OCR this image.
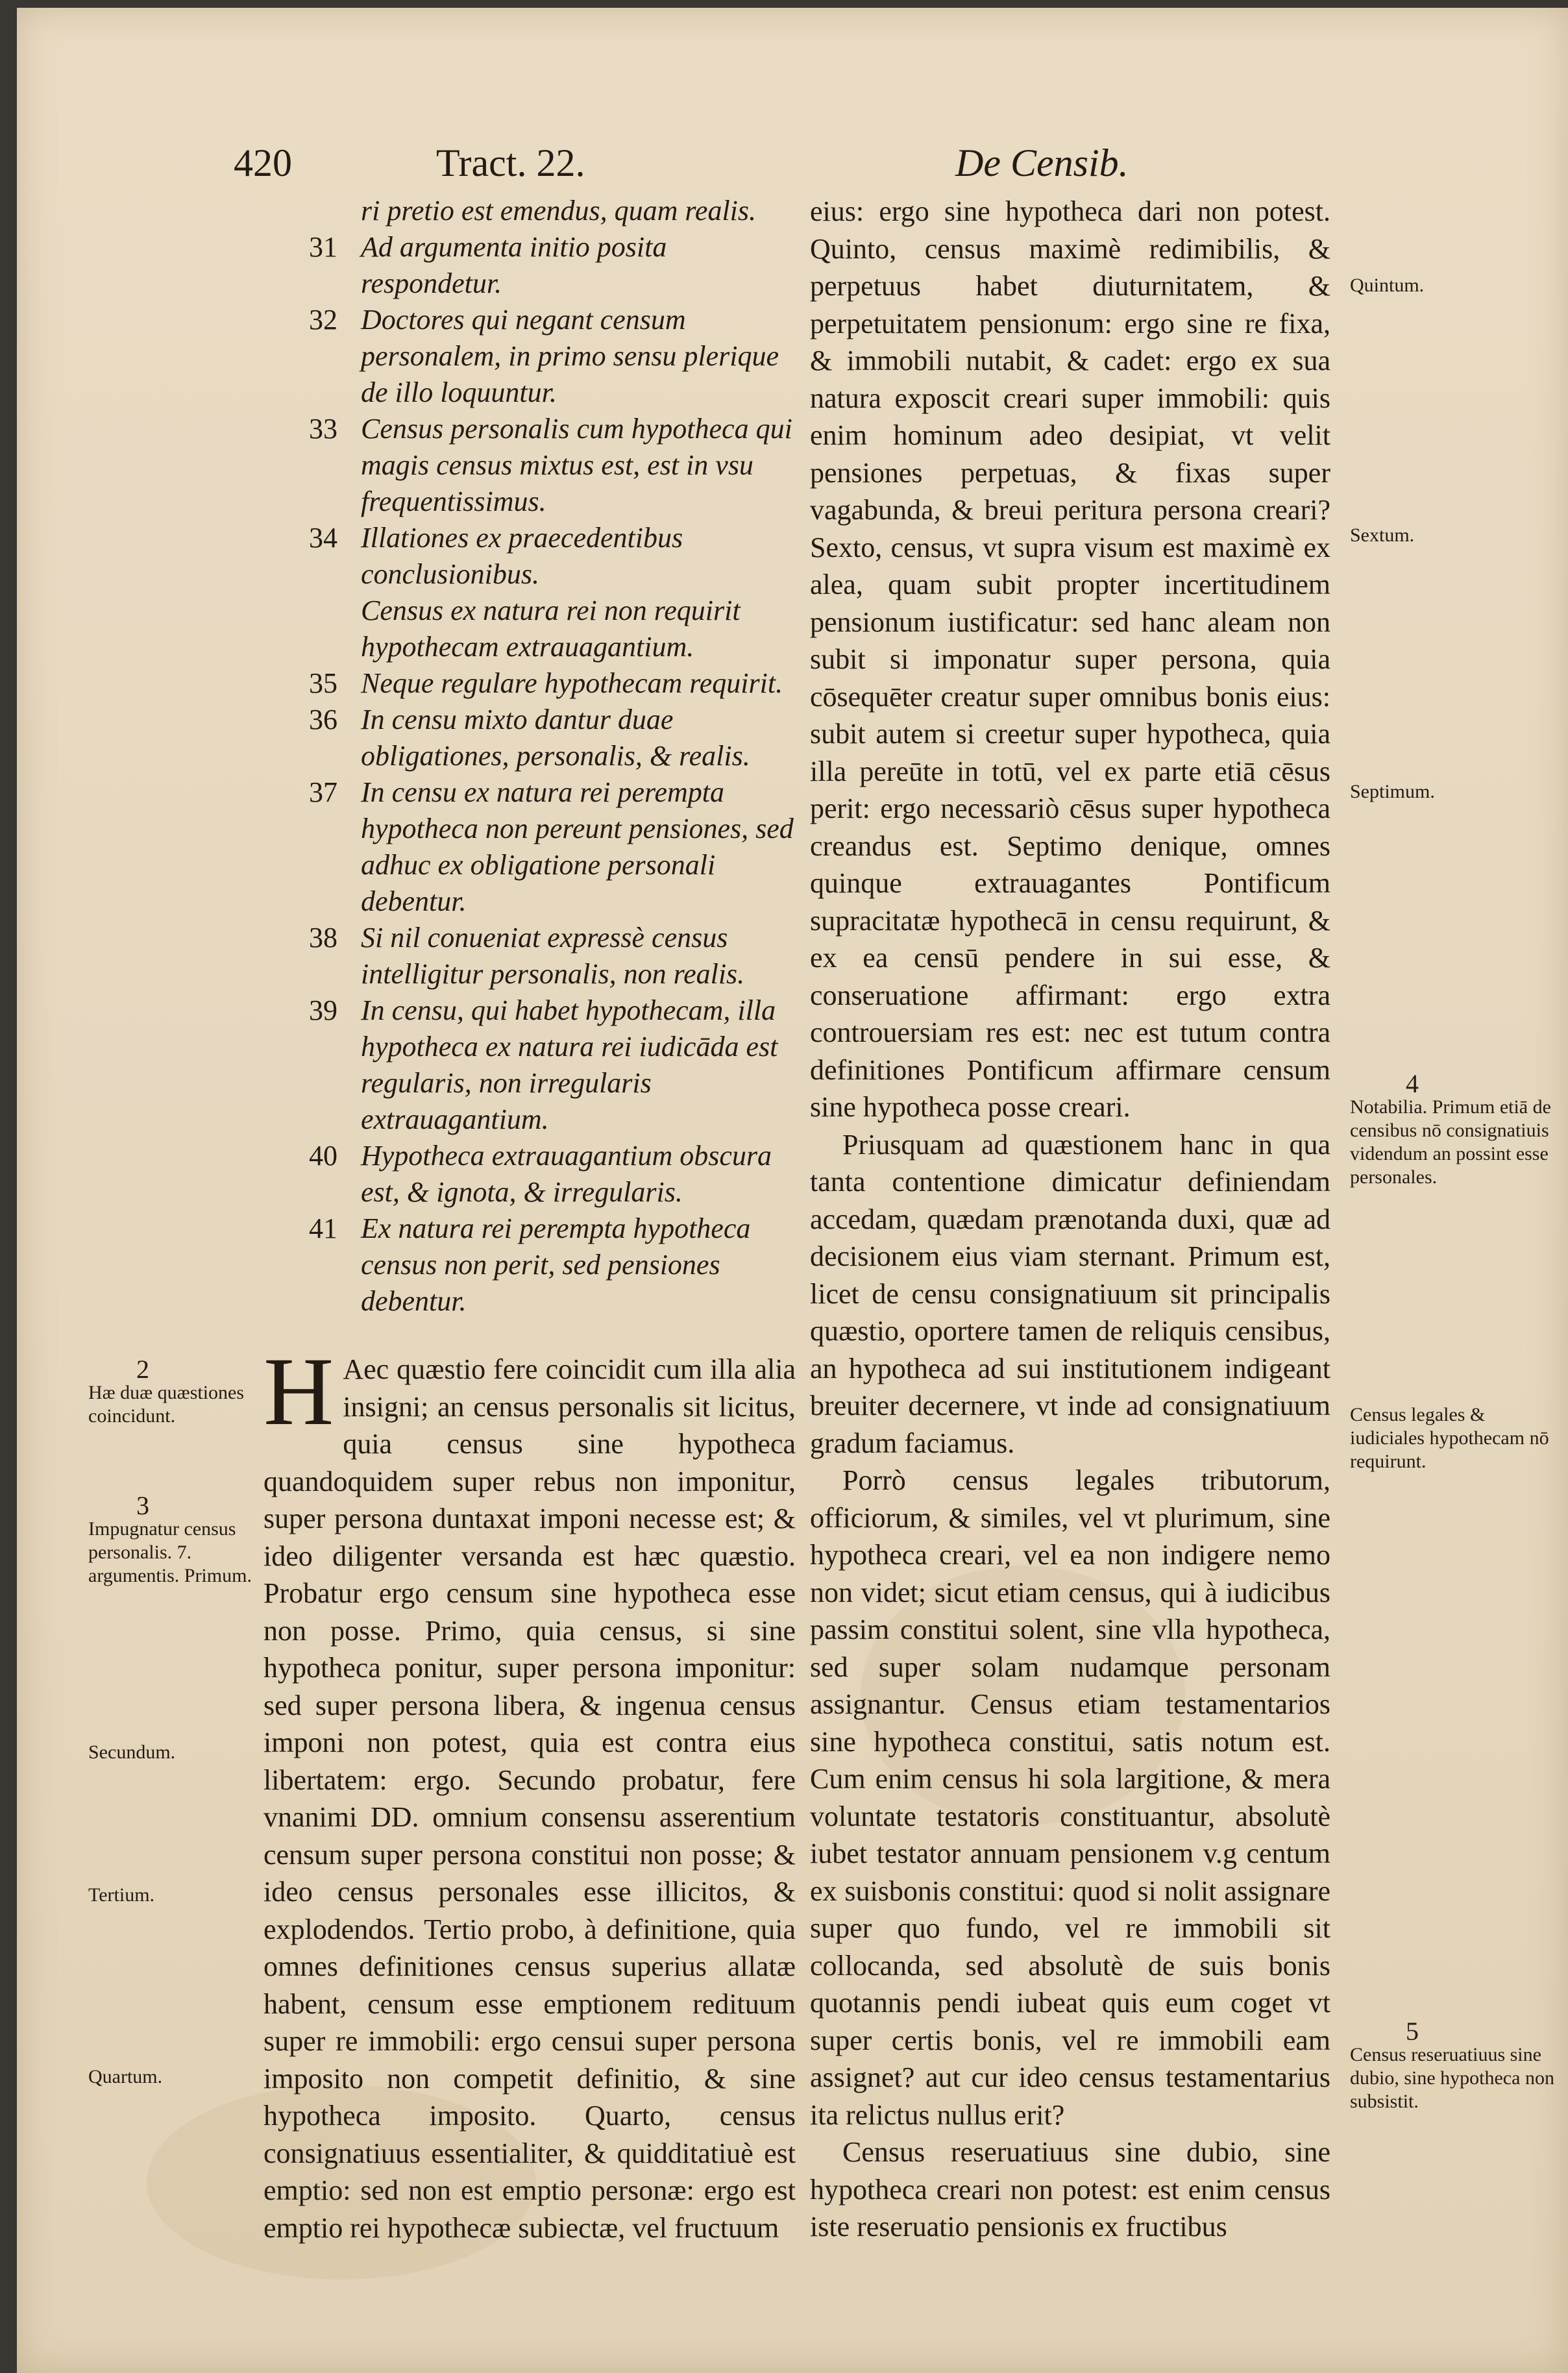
420	Tract. 22.	De Censib.
ri pretio est emendus, quam realis.
31 Ad argumenta initio posita respondetur.
32 Doctores qui negant censum personalem, in primo sensu plerique de illo loquuntur.
33 Census personalis cum hypotheca qui magis census mixtus est, est in vsu frequentissimus.
34 Illationes ex praecedentibus conclusionibus.
Census ex natura rei non requirit hypothecam extrauagantium.
35 Neque regulare hypothecam requirit.
36 In censu mixto dantur duae obligationes, personalis, & realis.
37 In censu ex natura rei perempta hypotheca non pereunt pensiones, sed adhuc ex obligatione personali debentur.
38 Si nil conueniat expressè census intelligitur personalis, non realis.
39 In censu, qui habet hypothecam, illa hypotheca ex natura rei iudicāda est regularis, non irregularis extrauagantium.
40 Hypotheca extrauagantium obscura est, & ignota, & irregularis.
41 Ex natura rei perempta hypotheca census non perit, sed pensiones debentur.

H Aec quæstio fere coincidit cum illa alia insigni; an census personalis sit licitus, quia census sine hypotheca quandoquidem super rebus non imponitur, super persona duntaxat imponi necesse est; & ideo diligenter versanda est hæc quæstio. Probatur ergo censum sine hypotheca esse non posse. Primo, quia census, si sine hypotheca ponitur, super persona imponitur: sed super persona libera, & ingenua census imponi non potest, quia est contra eius libertatem: ergo. Secundo probatur, fere vnanimi DD. omnium consensu asserentium censum super persona constitui non posse; & ideo census personales esse illicitos, & explodendos. Tertio probo, à definitione, quia omnes definitiones census superius allatæ habent, censum esse emptionem redituum super re immobili: ergo censui super persona imposito non competit definitio, & sine hypotheca imposito. Quarto, census consignatiuus essentialiter, & quidditatiuè est emptio: sed non est emptio personæ: ergo est emptio rei hypothecæ subiectæ, vel fructuum

eius: ergo sine hypotheca dari non potest. Quinto, census maximè redimibilis, & perpetuus habet diuturnitatem, & perpetuitatem pensionum: ergo sine re fixa, & immobili nutabit, & cadet: ergo ex sua natura exposcit creari super immobili: quis enim hominum adeo desipiat, vt velit pensiones perpetuas, & fixas super vagabunda, & breui peritura persona creari? Sexto, census, vt supra visum est maximè ex alea, quam subit propter incertitudinem pensionum iustificatur: sed hanc aleam non subit si imponatur super persona, quia cōsequēter creatur super omnibus bonis eius: subit autem si creetur super hypotheca, quia illa pereūte in totū, vel ex parte etiā cēsus perit: ergo necessariò cēsus super hypotheca creandus est. Septimo denique, omnes quinque extrauagantes Pontificum supracitatæ hypothecā in censu requirunt, & ex ea censū pendere in sui esse, & conseruatione affirmant: ergo extra controuersiam res est: nec est tutum contra definitiones Pontificum affirmare censum sine hypotheca posse creari.

Priusquam ad quæstionem hanc in qua tanta contentione dimicatur definiendam accedam, quædam prænotanda duxi, quæ ad decisionem eius viam sternant. Primum est, licet de censu consignatiuum sit principalis quæstio, oportere tamen de reliquis censibus, an hypotheca ad sui institutionem indigeant breuiter decernere, vt inde ad consignatiuum gradum faciamus.

Porrò census legales tributorum, officiorum, & similes, vel vt plurimum, sine hypotheca creari, vel ea non indigere nemo non videt; sicut etiam census, qui à iudicibus passim constitui solent, sine vlla hypotheca, sed super solam nudamque personam assignantur. Census etiam testamentarios sine hypotheca constitui, satis notum est. Cum enim census hi sola largitione, & mera voluntate testatoris constituantur, absolutè iubet testator annuam pensionem v.g centum ex suisbonis constitui: quod si nolit assignare super quo fundo, vel re immobili sit collocanda, sed absolutè de suis bonis quotannis pendi iubeat quis eum coget vt super certis bonis, vel re immobili eam assignet? aut cur ideo census testamentarius ita relictus nullus erit?

Census reseruatiuus sine dubio, sine hypotheca creari non potest: est enim census iste reseruatio pensionis ex fructibus

2
Hæ duæ quæstiones coincidunt.
3
Impugnatur census personalis. 7. argumentis. Primum.
Secundum.
Tertium.
Quartum.
Quintum.
Sextum.
Septimum.
4
Notabilia. Primum etiā de censibus nō consignatiuis videndum an possint esse personales.
Census legales & iudiciales hypothecam nō requirunt.
5
Census reseruatiuus sine dubio, sine hypotheca non subsistit.
